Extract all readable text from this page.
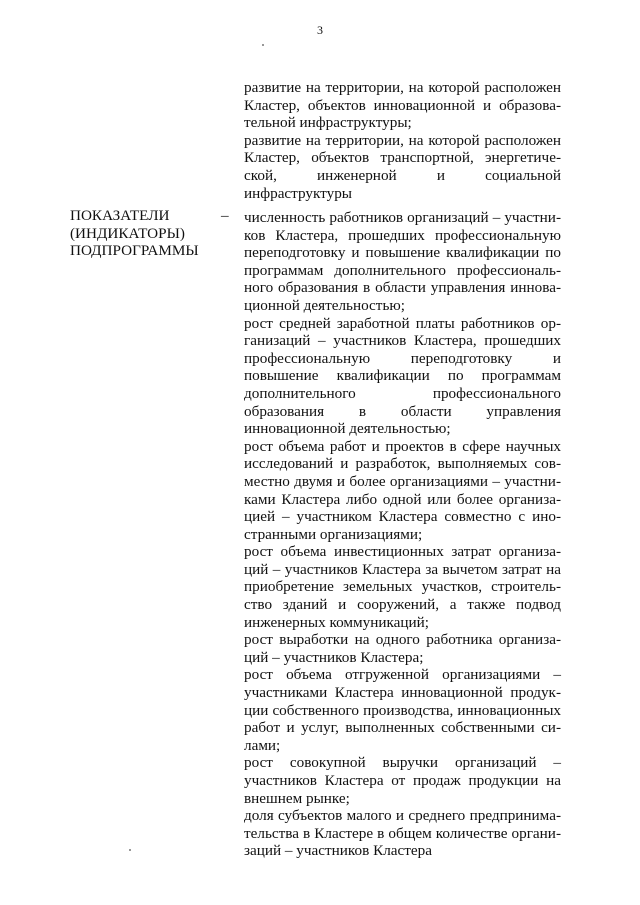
3

развитие на территории, на которой расположен Кластер, объектов инновационной и образовательной инфраструктуры;

развитие на территории, на которой расположен Кластер, объектов транспортной, энергетической, инженерной и социальной инфраструктуры

ПОКАЗАТЕЛИ
(ИНДИКАТОРЫ)
ПОДПРОГРАММЫ
– численность работников организаций – участников Кластера, прошедших профессиональную переподготовку и повышение квалификации по программам дополнительного профессионального образования в области управления инновационной деятельностью;

рост средней заработной платы работников организаций – участников Кластера, прошедших профессиональную переподготовку и повышение квалификации по программам дополнительного профессионального образования в области управления инновационной деятельностью;

рост объема работ и проектов в сфере научных исследований и разработок, выполняемых совместно двумя и более организациями – участниками Кластера либо одной или более организацией – участником Кластера совместно с иностранными организациями;

рост объема инвестиционных затрат организаций – участников Кластера за вычетом затрат на приобретение земельных участков, строительство зданий и сооружений, а также подвод инженерных коммуникаций;

рост выработки на одного работника организаций – участников Кластера;

рост объема отгруженной организациями – участниками Кластера инновационной продукции собственного производства, инновационных работ и услуг, выполненных собственными силами;

рост совокупной выручки организаций – участников Кластера от продаж продукции на внешнем рынке;

доля субъектов малого и среднего предпринимательства в Кластере в общем количестве организаций – участников Кластера
